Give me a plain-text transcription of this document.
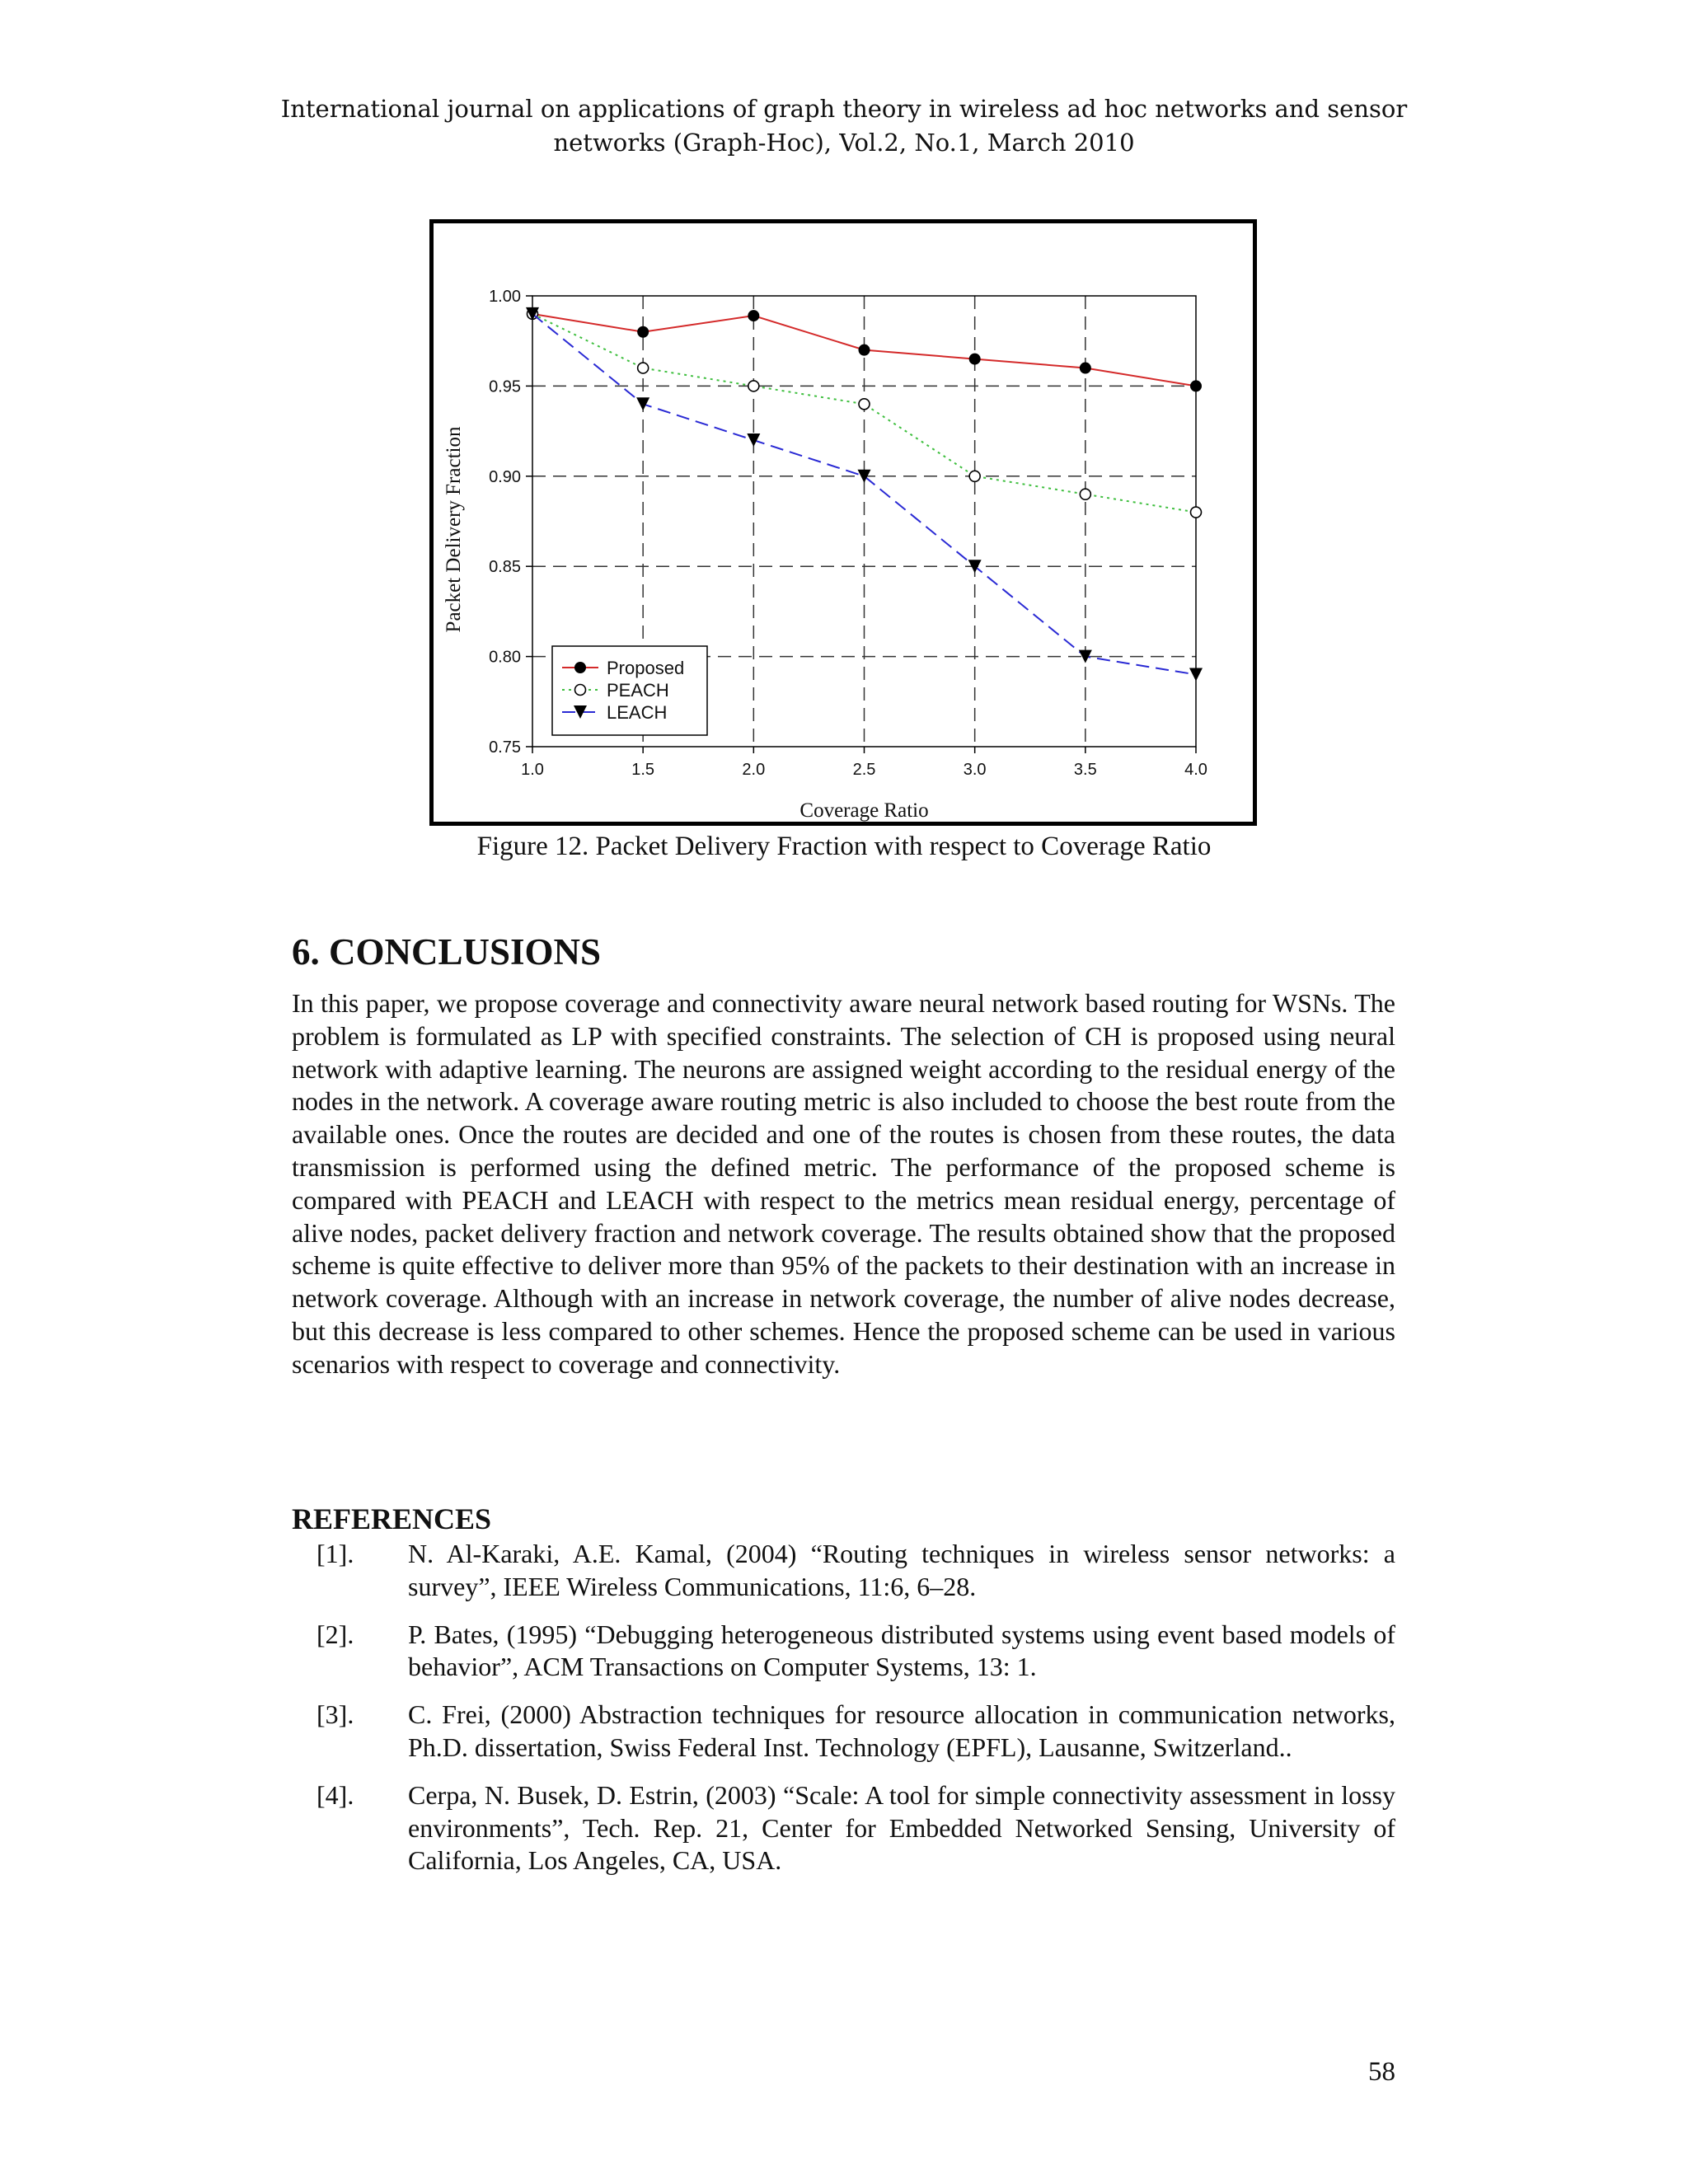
International journal on applications of graph theory in wireless ad hoc networks and sensor
networks (Graph-Hoc), Vol.2, No.1, March 2010
1.0	1.5	2.0	2.5	3.0	3.5	4.0
0.75
0.80
0.85
0.90
0.95
1.00
Coverage Ratio
Packet Delivery Fraction
Proposed
PEACH
LEACH
Figure 12. Packet Delivery Fraction with respect to Coverage Ratio
6. CONCLUSIONS

In this paper, we propose coverage and connectivity aware neural network based routing for WSNs. The problem is formulated as LP with specified constraints. The selection of CH is proposed using neural network with adaptive learning. The neurons are assigned weight according to the residual energy of the nodes in the network. A coverage aware routing metric is also included to choose the best route from the available ones. Once the routes are decided and one of the routes is chosen from these routes, the data transmission is performed using the defined metric. The performance of the proposed scheme is compared with PEACH and LEACH with respect to the metrics mean residual energy, percentage of alive nodes, packet delivery fraction and network coverage. The results obtained show that the proposed scheme is quite effective to deliver more than 95% of the packets to their destination with an increase in network coverage. Although with an increase in network coverage, the number of alive nodes decrease, but this decrease is less compared to other schemes. Hence the proposed scheme can be used in various scenarios with respect to coverage and connectivity.

REFERENCES
[1].	N. Al-Karaki, A.E. Kamal, (2004) “Routing techniques in wireless sensor networks: a survey”, IEEE Wireless Communications, 11:6, 6–28.
[2].	P. Bates, (1995) “Debugging heterogeneous distributed systems using event based models of behavior”, ACM Transactions on Computer Systems, 13: 1.
[3].	C. Frei, (2000) Abstraction techniques for resource allocation in communication networks, Ph.D. dissertation, Swiss Federal Inst. Technology (EPFL), Lausanne, Switzerland..
[4].	Cerpa, N. Busek, D. Estrin, (2003) “Scale: A tool for simple connectivity assessment in lossy environments”, Tech. Rep. 21, Center for Embedded Networked Sensing, University of California, Los Angeles, CA, USA.
58
